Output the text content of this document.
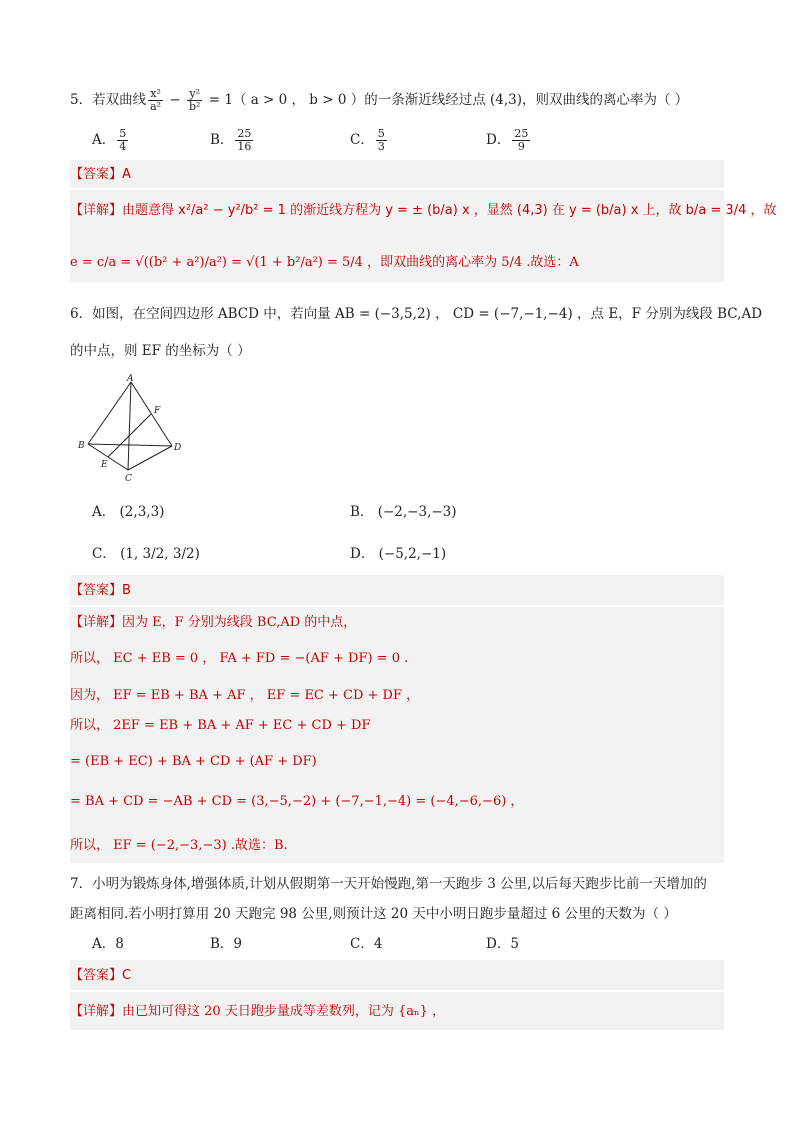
5．若双曲线 $\frac{\text{x²}}{\text{a²}} - \frac{\text{y²}}{\text{b²}} = 1$（ a > 0 ， b > 0 ）的一条渐近线经过点 (4,3)，则双曲线的离心率为（ ）
A． $\frac{5}{4}$	B． $\frac{25}{16}$	C． $\frac{5}{3}$	D． $\frac{25}{9}$
【答案】A
【详解】由题意得 x²/a² − y²/b² = 1 的渐近线方程为 y = ± (b/a) x ，显然 (4,3) 在 y = (b/a) x 上，故 b/a = 3/4 ，故
e = c/a = √((b² + a²)/a²) = √(1 + b²/a²) = 5/4 ，即双曲线的离心率为 5/4 .故选：A
6．如图，在空间四边形 ABCD 中，若向量 AB = (−3,5,2) ， CD = (−7,−1,−4) ，点 E，F 分别为线段 BC,AD
的中点，则 EF 的坐标为（ ）
A
B
C
D
E
F
A． (2,3,3)	B． (−2,−3,−3)
C． (1, 3/2, 3/2)	D． (−5,2,−1)
【答案】B
【详解】因为 E，F 分别为线段 BC,AD 的中点，
所以， EC + EB = 0 ， FA + FD = −(AF + DF) = 0 .
因为， EF = EB + BA + AF ， EF = EC + CD + DF ，
所以， 2EF = EB + BA + AF + EC + CD + DF
= (EB + EC) + BA + CD + (AF + DF)
= BA + CD = −AB + CD = (3,−5,−2) + (−7,−1,−4) = (−4,−6,−6) ，
所以， EF = (−2,−3,−3) .故选：B.
7．小明为锻炼身体,增强体质,计划从假期第一天开始慢跑,第一天跑步 3 公里,以后每天跑步比前一天增加的
距离相同.若小明打算用 20 天跑完 98 公里,则预计这 20 天中小明日跑步量超过 6 公里的天数为（ ）
A．8	B．9	C．4	D．5
【答案】C
【详解】由已知可得这 20 天日跑步量成等差数列，记为 {aₙ} ，
